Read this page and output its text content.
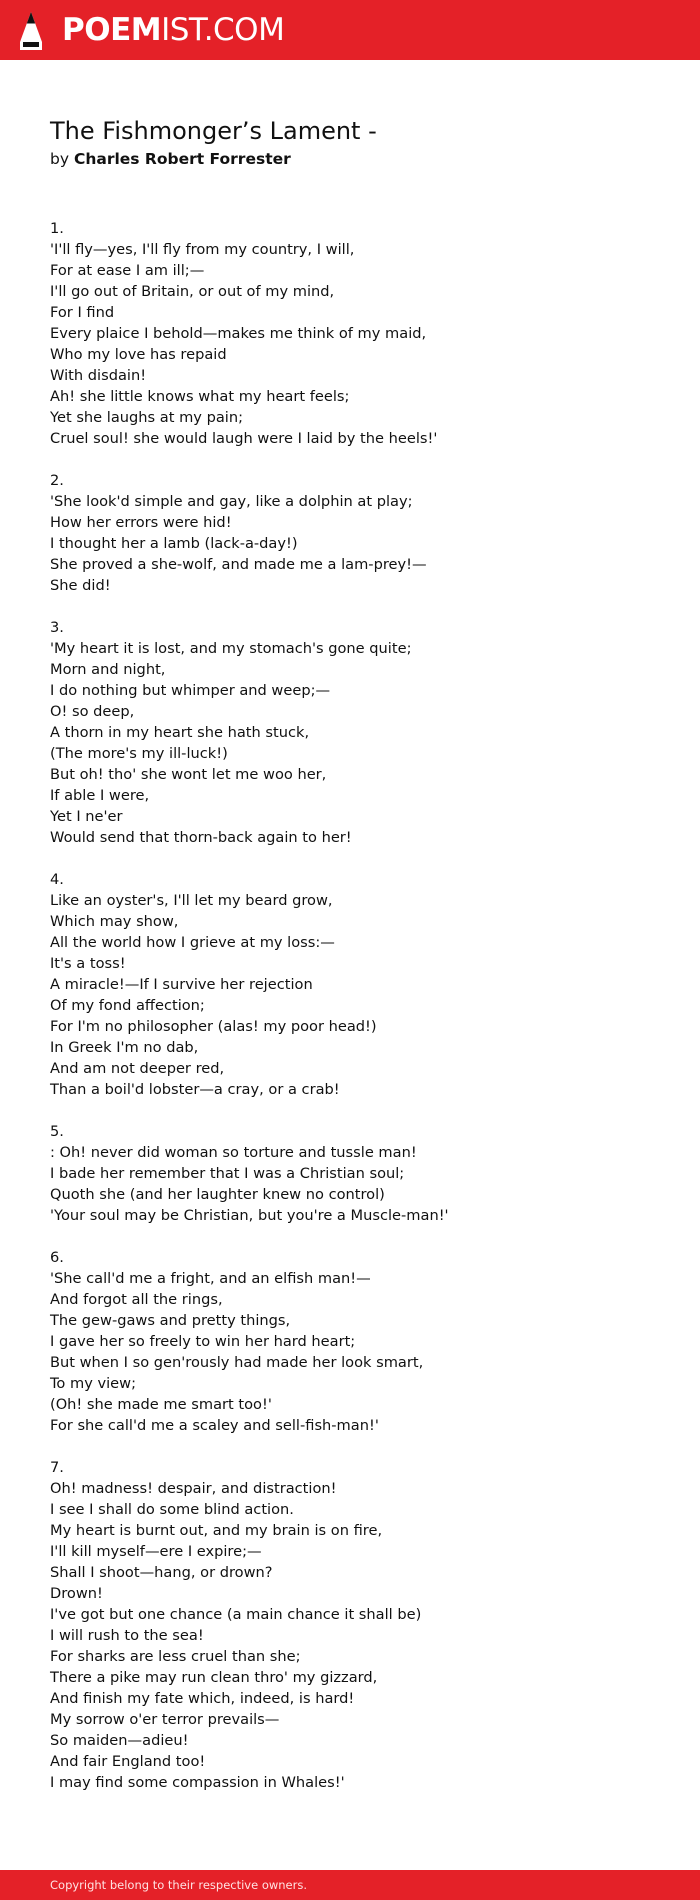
POEMIST.COM
The Fishmonger’s Lament -
by Charles Robert Forrester
1.
'I'll fly—yes, I'll fly from my country, I will,
For at ease I am ill;—
I'll go out of Britain, or out of my mind,
For I find
Every plaice I behold—makes me think of my maid,
Who my love has repaid
With disdain!
Ah! she little knows what my heart feels;
Yet she laughs at my pain;
Cruel soul! she would laugh were I laid by the heels!'
2.
'She look'd simple and gay, like a dolphin at play;
How her errors were hid!
I thought her a lamb (lack-a-day!)
She proved a she-wolf, and made me a lam-prey!—
She did!
3.
'My heart it is lost, and my stomach's gone quite;
Morn and night,
I do nothing but whimper and weep;—
O! so deep,
A thorn in my heart she hath stuck,
(The more's my ill-luck!)
But oh! tho' she wont let me woo her,
If able I were,
Yet I ne'er
Would send that thorn-back again to her!
4.
Like an oyster's, I'll let my beard grow,
Which may show,
All the world how I grieve at my loss:—
It's a toss!
A miracle!—If I survive her rejection
Of my fond affection;
For I'm no philosopher (alas! my poor head!)
In Greek I'm no dab,
And am not deeper red,
Than a boil'd lobster—a cray, or a crab!
5.
: Oh! never did woman so torture and tussle man!
I bade her remember that I was a Christian soul;
Quoth she (and her laughter knew no control)
'Your soul may be Christian, but you're a Muscle-man!'
6.
'She call'd me a fright, and an elfish man!—
And forgot all the rings,
The gew-gaws and pretty things,
I gave her so freely to win her hard heart;
But when I so gen'rously had made her look smart,
To my view;
(Oh! she made me smart too!'
For she call'd me a scaley and sell-fish-man!'
7.
Oh! madness! despair, and distraction!
I see I shall do some blind action.
My heart is burnt out, and my brain is on fire,
I'll kill myself—ere I expire;—
Shall I shoot—hang, or drown?
Drown!
I've got but one chance (a main chance it shall be)
I will rush to the sea!
For sharks are less cruel than she;
There a pike may run clean thro' my gizzard,
And finish my fate which, indeed, is hard!
My sorrow o'er terror prevails—
So maiden—adieu!
And fair England too!
I may find some compassion in Whales!'
Copyright belong to their respective owners.
